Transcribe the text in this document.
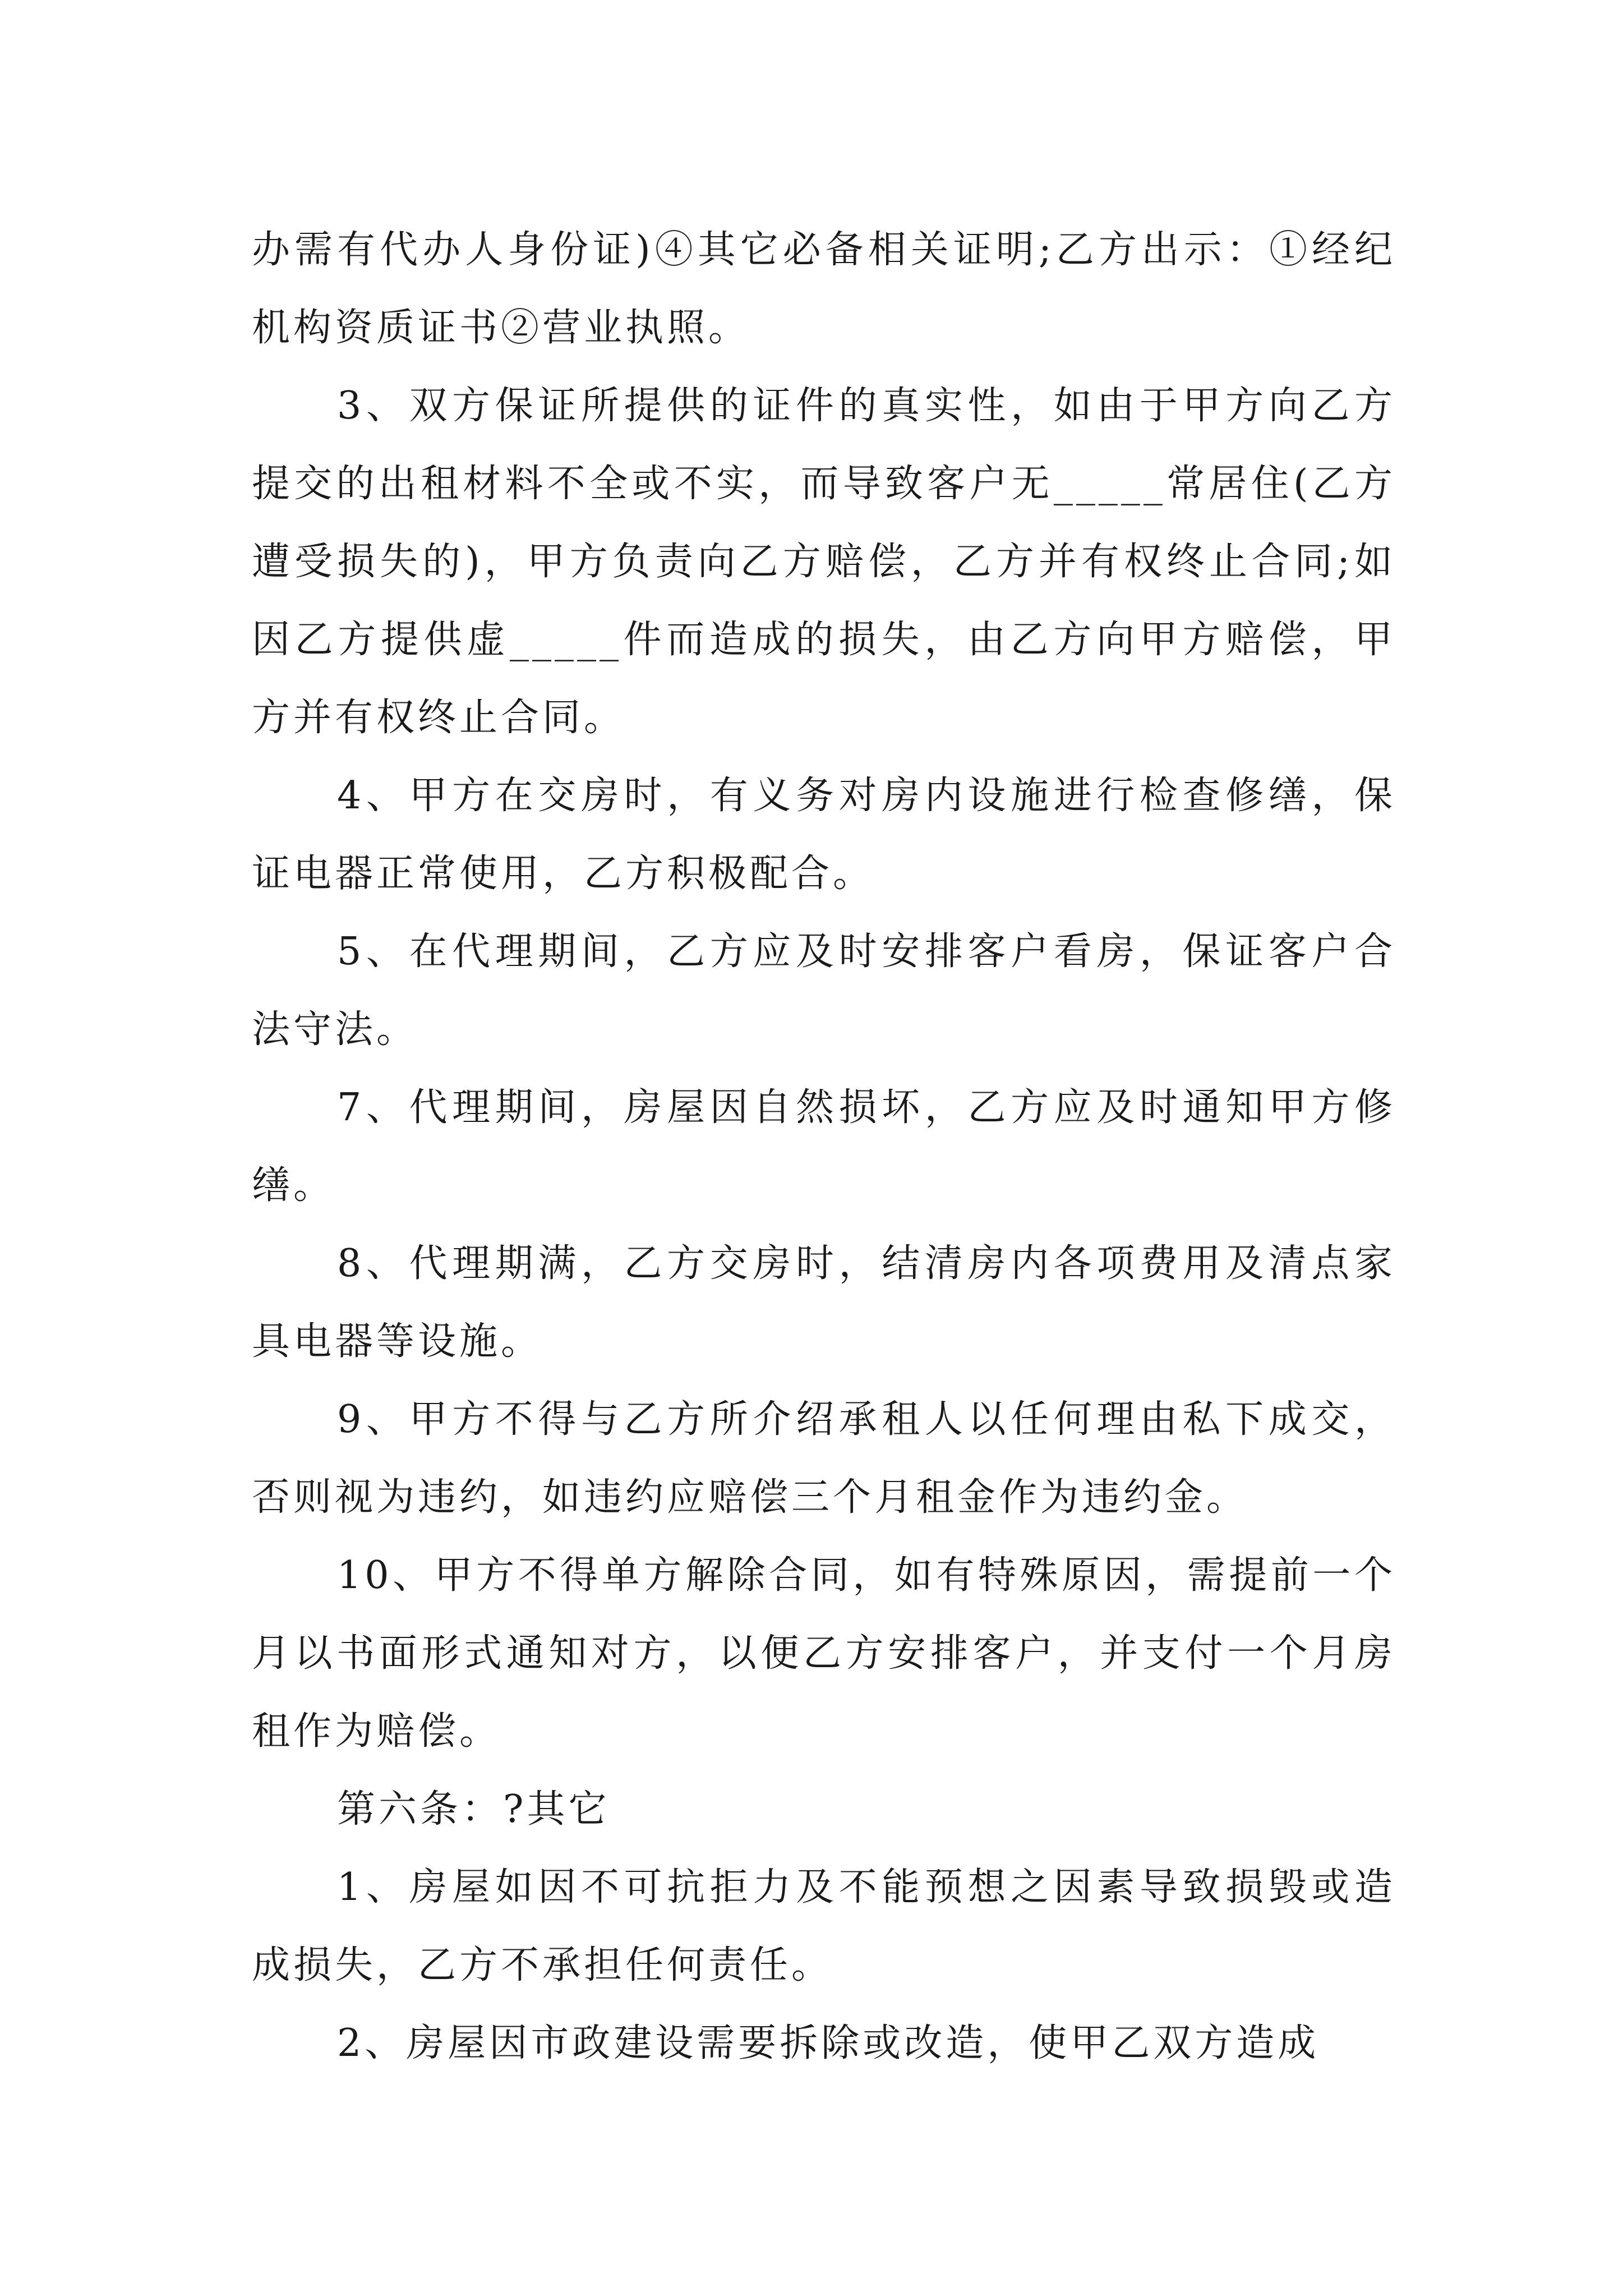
办需有代办人身份证)④其它必备相关证明;乙方出示：①经纪机构资质证书②营业执照。

3、双方保证所提供的证件的真实性，如由于甲方向乙方提交的出租材料不全或不实，而导致客户无_____常居住(乙方遭受损失的)，甲方负责向乙方赔偿，乙方并有权终止合同;如因乙方提供虚_____件而造成的损失，由乙方向甲方赔偿，甲方并有权终止合同。

4、甲方在交房时，有义务对房内设施进行检查修缮，保证电器正常使用，乙方积极配合。

5、在代理期间，乙方应及时安排客户看房，保证客户合法守法。

7、代理期间，房屋因自然损坏，乙方应及时通知甲方修缮。

8、代理期满，乙方交房时，结清房内各项费用及清点家具电器等设施。

9、甲方不得与乙方所介绍承租人以任何理由私下成交，否则视为违约，如违约应赔偿三个月租金作为违约金。

10、甲方不得单方解除合同，如有特殊原因，需提前一个月以书面形式通知对方，以便乙方安排客户，并支付一个月房租作为赔偿。

第六条：?其它

1、房屋如因不可抗拒力及不能预想之因素导致损毁或造成损失，乙方不承担任何责任。

2、房屋因市政建设需要拆除或改造，使甲乙双方造成
